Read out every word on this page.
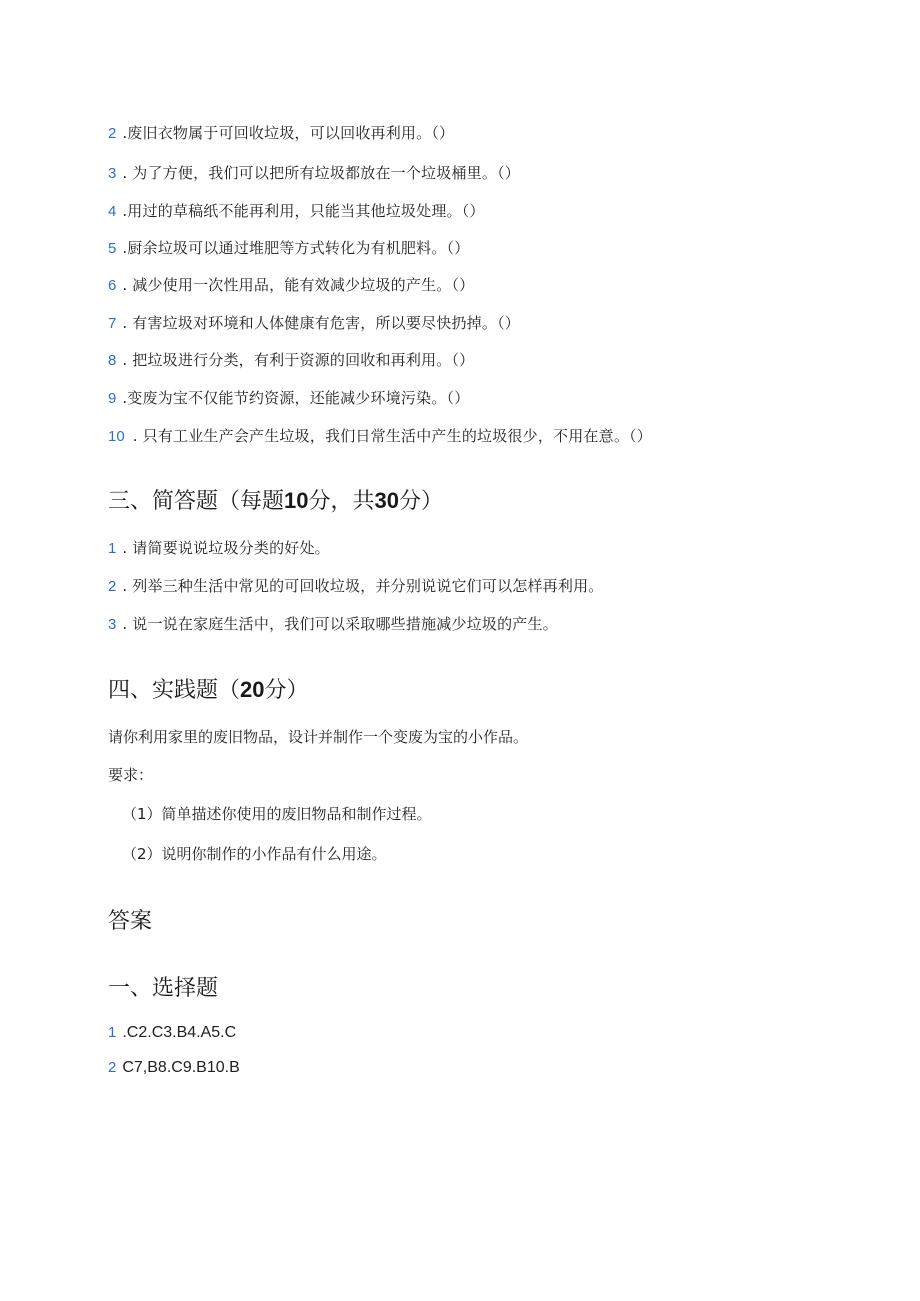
2 .废旧衣物属于可回收垃圾，可以回收再利用。（）
3 . 为了方便，我们可以把所有垃圾都放在一个垃圾桶里。（）
4 .用过的草稿纸不能再利用，只能当其他垃圾处理。（）
5 .厨余垃圾可以通过堆肥等方式转化为有机肥料。（）
6 . 减少使用一次性用品，能有效减少垃圾的产生。（）
7 . 有害垃圾对环境和人体健康有危害，所以要尽快扔掉。（）
8 . 把垃圾进行分类，有利于资源的回收和再利用。（）
9 .变废为宝不仅能节约资源，还能减少环境污染。（）
10 . 只有工业生产会产生垃圾，我们日常生活中产生的垃圾很少，不用在意。（）
三、简答题（每题10分，共30分）
1 . 请简要说说垃圾分类的好处。
2 . 列举三种生活中常见的可回收垃圾，并分别说说它们可以怎样再利用。
3 . 说一说在家庭生活中，我们可以采取哪些措施减少垃圾的产生。
四、实践题（20分）
请你利用家里的废旧物品，设计并制作一个变废为宝的小作品。
要求：
（1）简单描述你使用的废旧物品和制作过程。
（2）说明你制作的小作品有什么用途。
答案
一、选择题
1 .C2.C3.B4.A5.C
2 C7,B8.C9.B10.B
